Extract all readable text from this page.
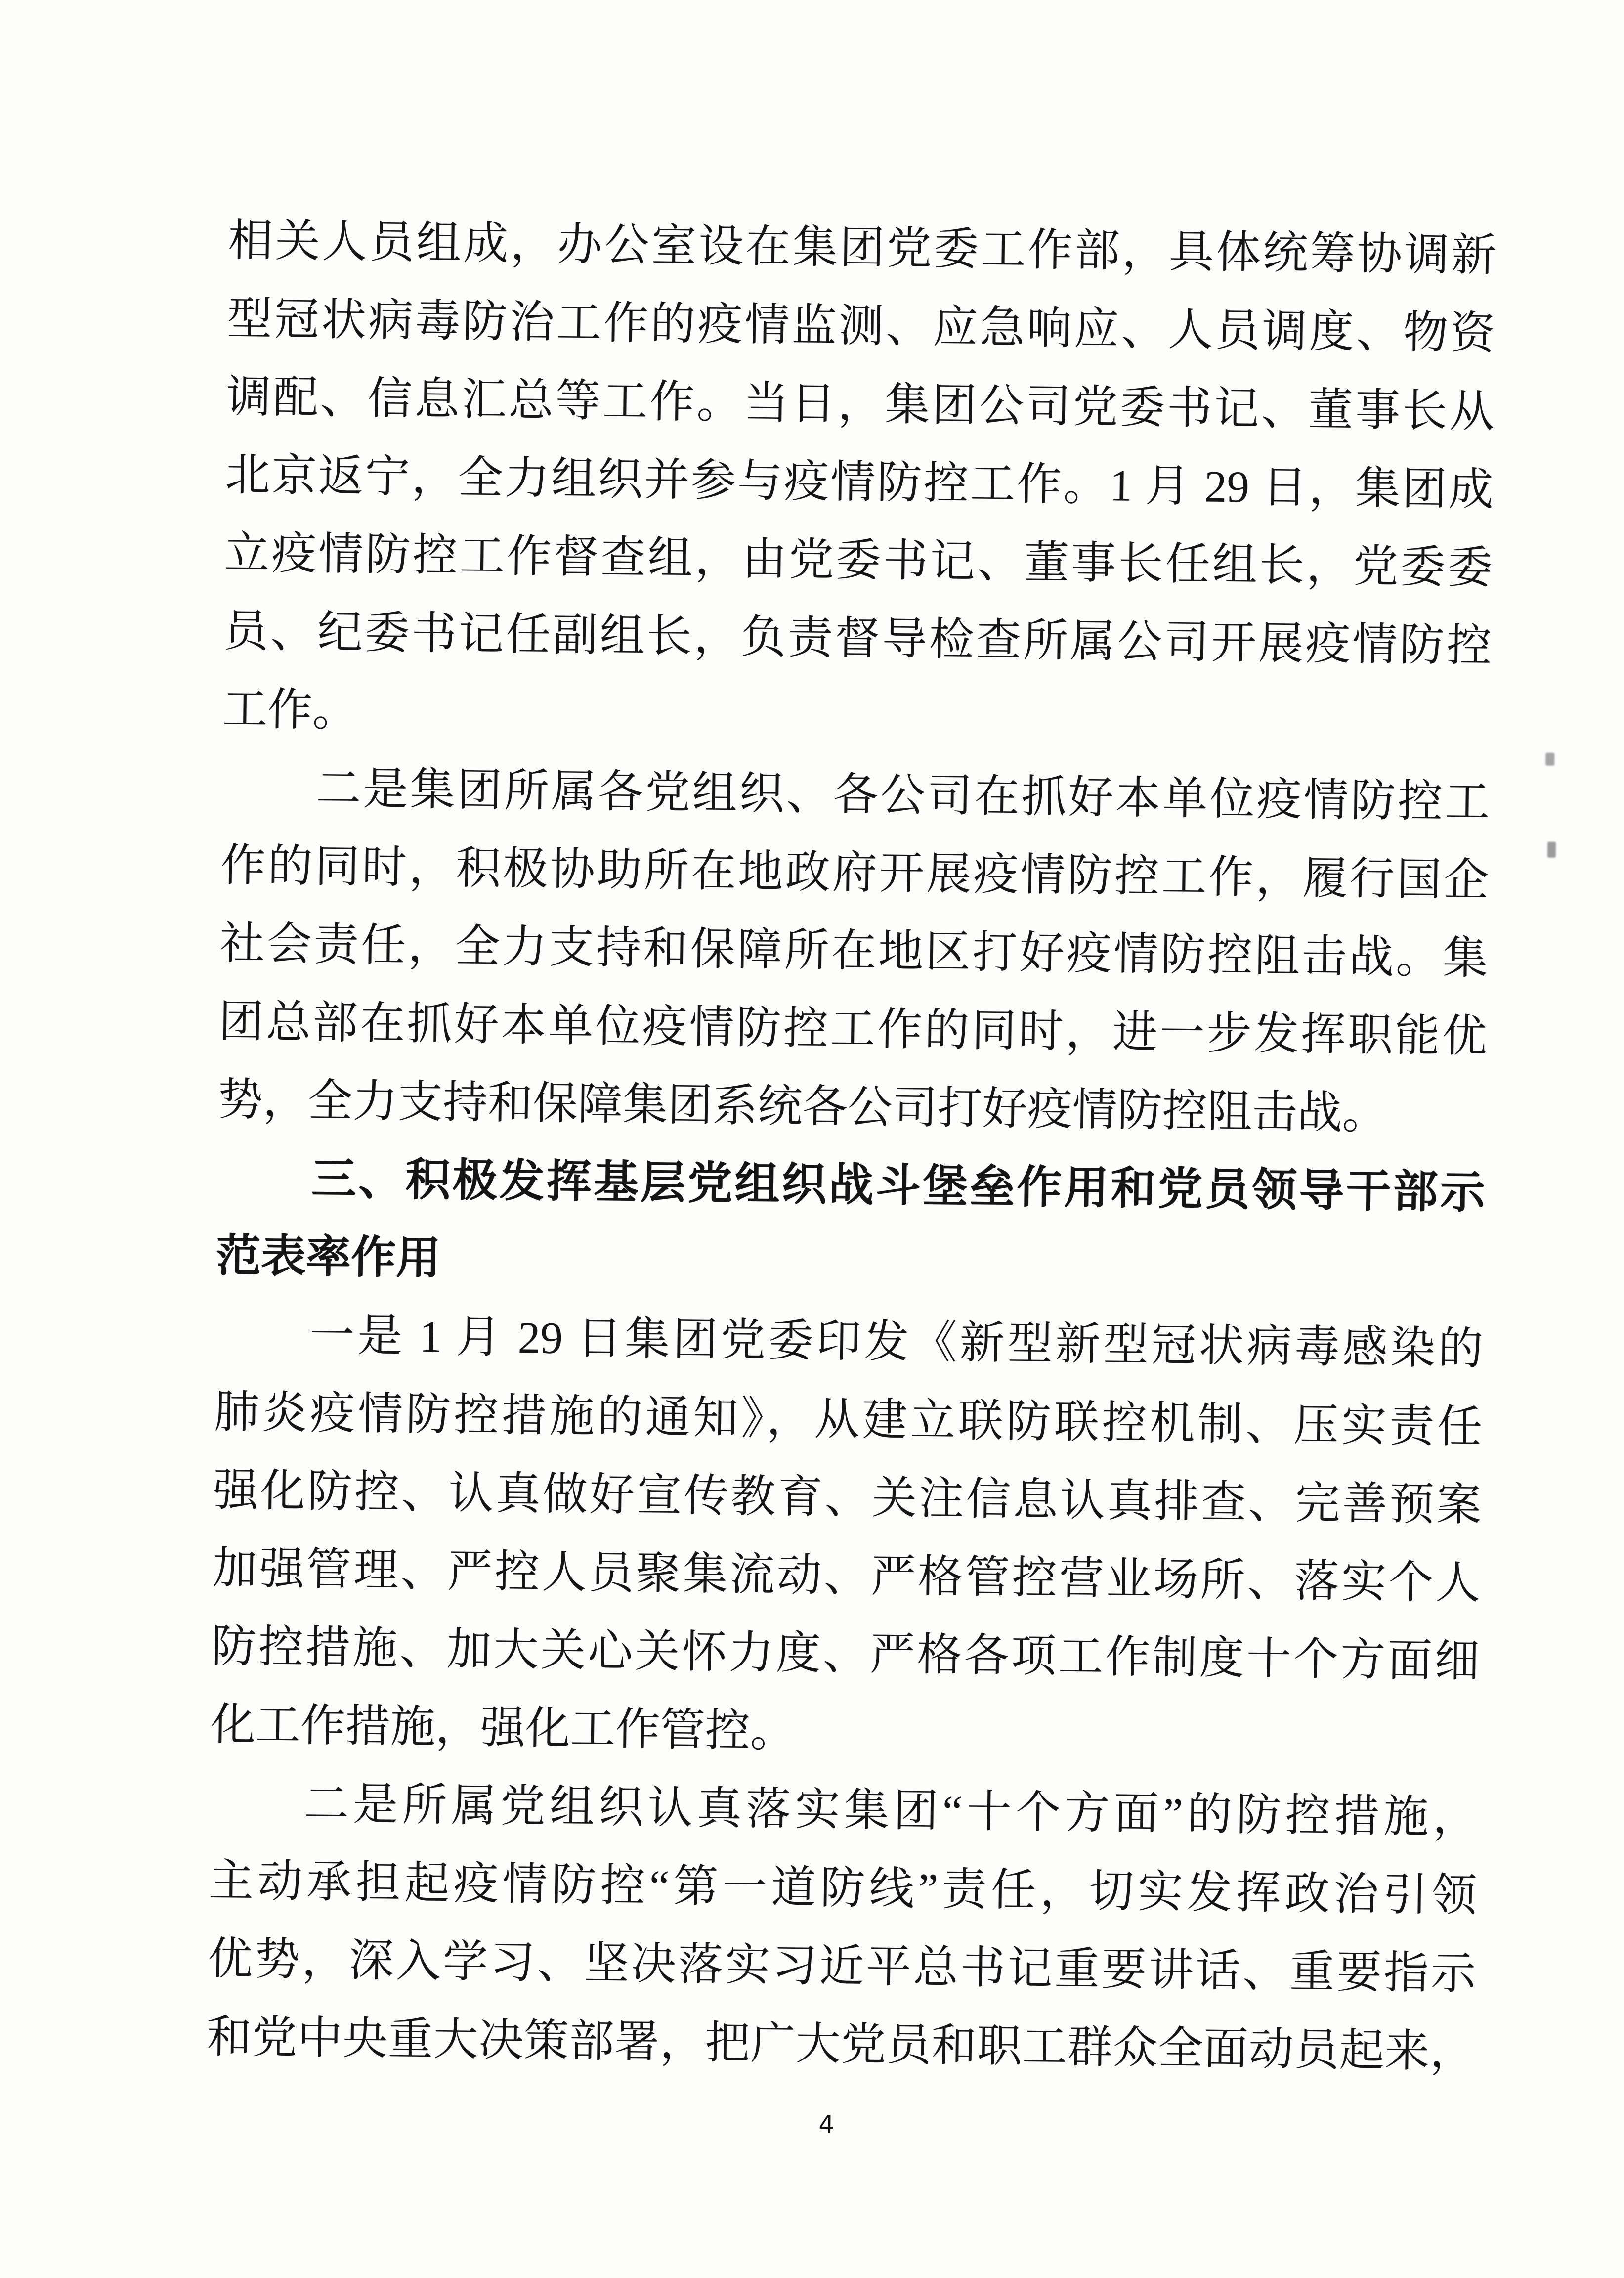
相关人员组成，办公室设在集团党委工作部，具体统筹协调新
型冠状病毒防治工作的疫情监测、应急响应、人员调度、物资
调配、信息汇总等工作。当日，集团公司党委书记、董事长从
北京返宁，全力组织并参与疫情防控工作。1 月 29 日，集团成
立疫情防控工作督查组，由党委书记、董事长任组长，党委委
员、纪委书记任副组长，负责督导检查所属公司开展疫情防控
工作。
二是集团所属各党组织、各公司在抓好本单位疫情防控工
作的同时，积极协助所在地政府开展疫情防控工作，履行国企
社会责任，全力支持和保障所在地区打好疫情防控阻击战。集
团总部在抓好本单位疫情防控工作的同时，进一步发挥职能优
势，全力支持和保障集团系统各公司打好疫情防控阻击战。
三、积极发挥基层党组织战斗堡垒作用和党员领导干部示
范表率作用
一是 1 月 29 日集团党委印发《新型新型冠状病毒感染的
肺炎疫情防控措施的通知》，从建立联防联控机制、压实责任
强化防控、认真做好宣传教育、关注信息认真排查、完善预案
加强管理、严控人员聚集流动、严格管控营业场所、落实个人
防控措施、加大关心关怀力度、严格各项工作制度十个方面细
化工作措施，强化工作管控。
二是所属党组织认真落实集团“十个方面”的防控措施，
主动承担起疫情防控“第一道防线”责任，切实发挥政治引领
优势，深入学习、坚决落实习近平总书记重要讲话、重要指示
和党中央重大决策部署，把广大党员和职工群众全面动员起来，
4
